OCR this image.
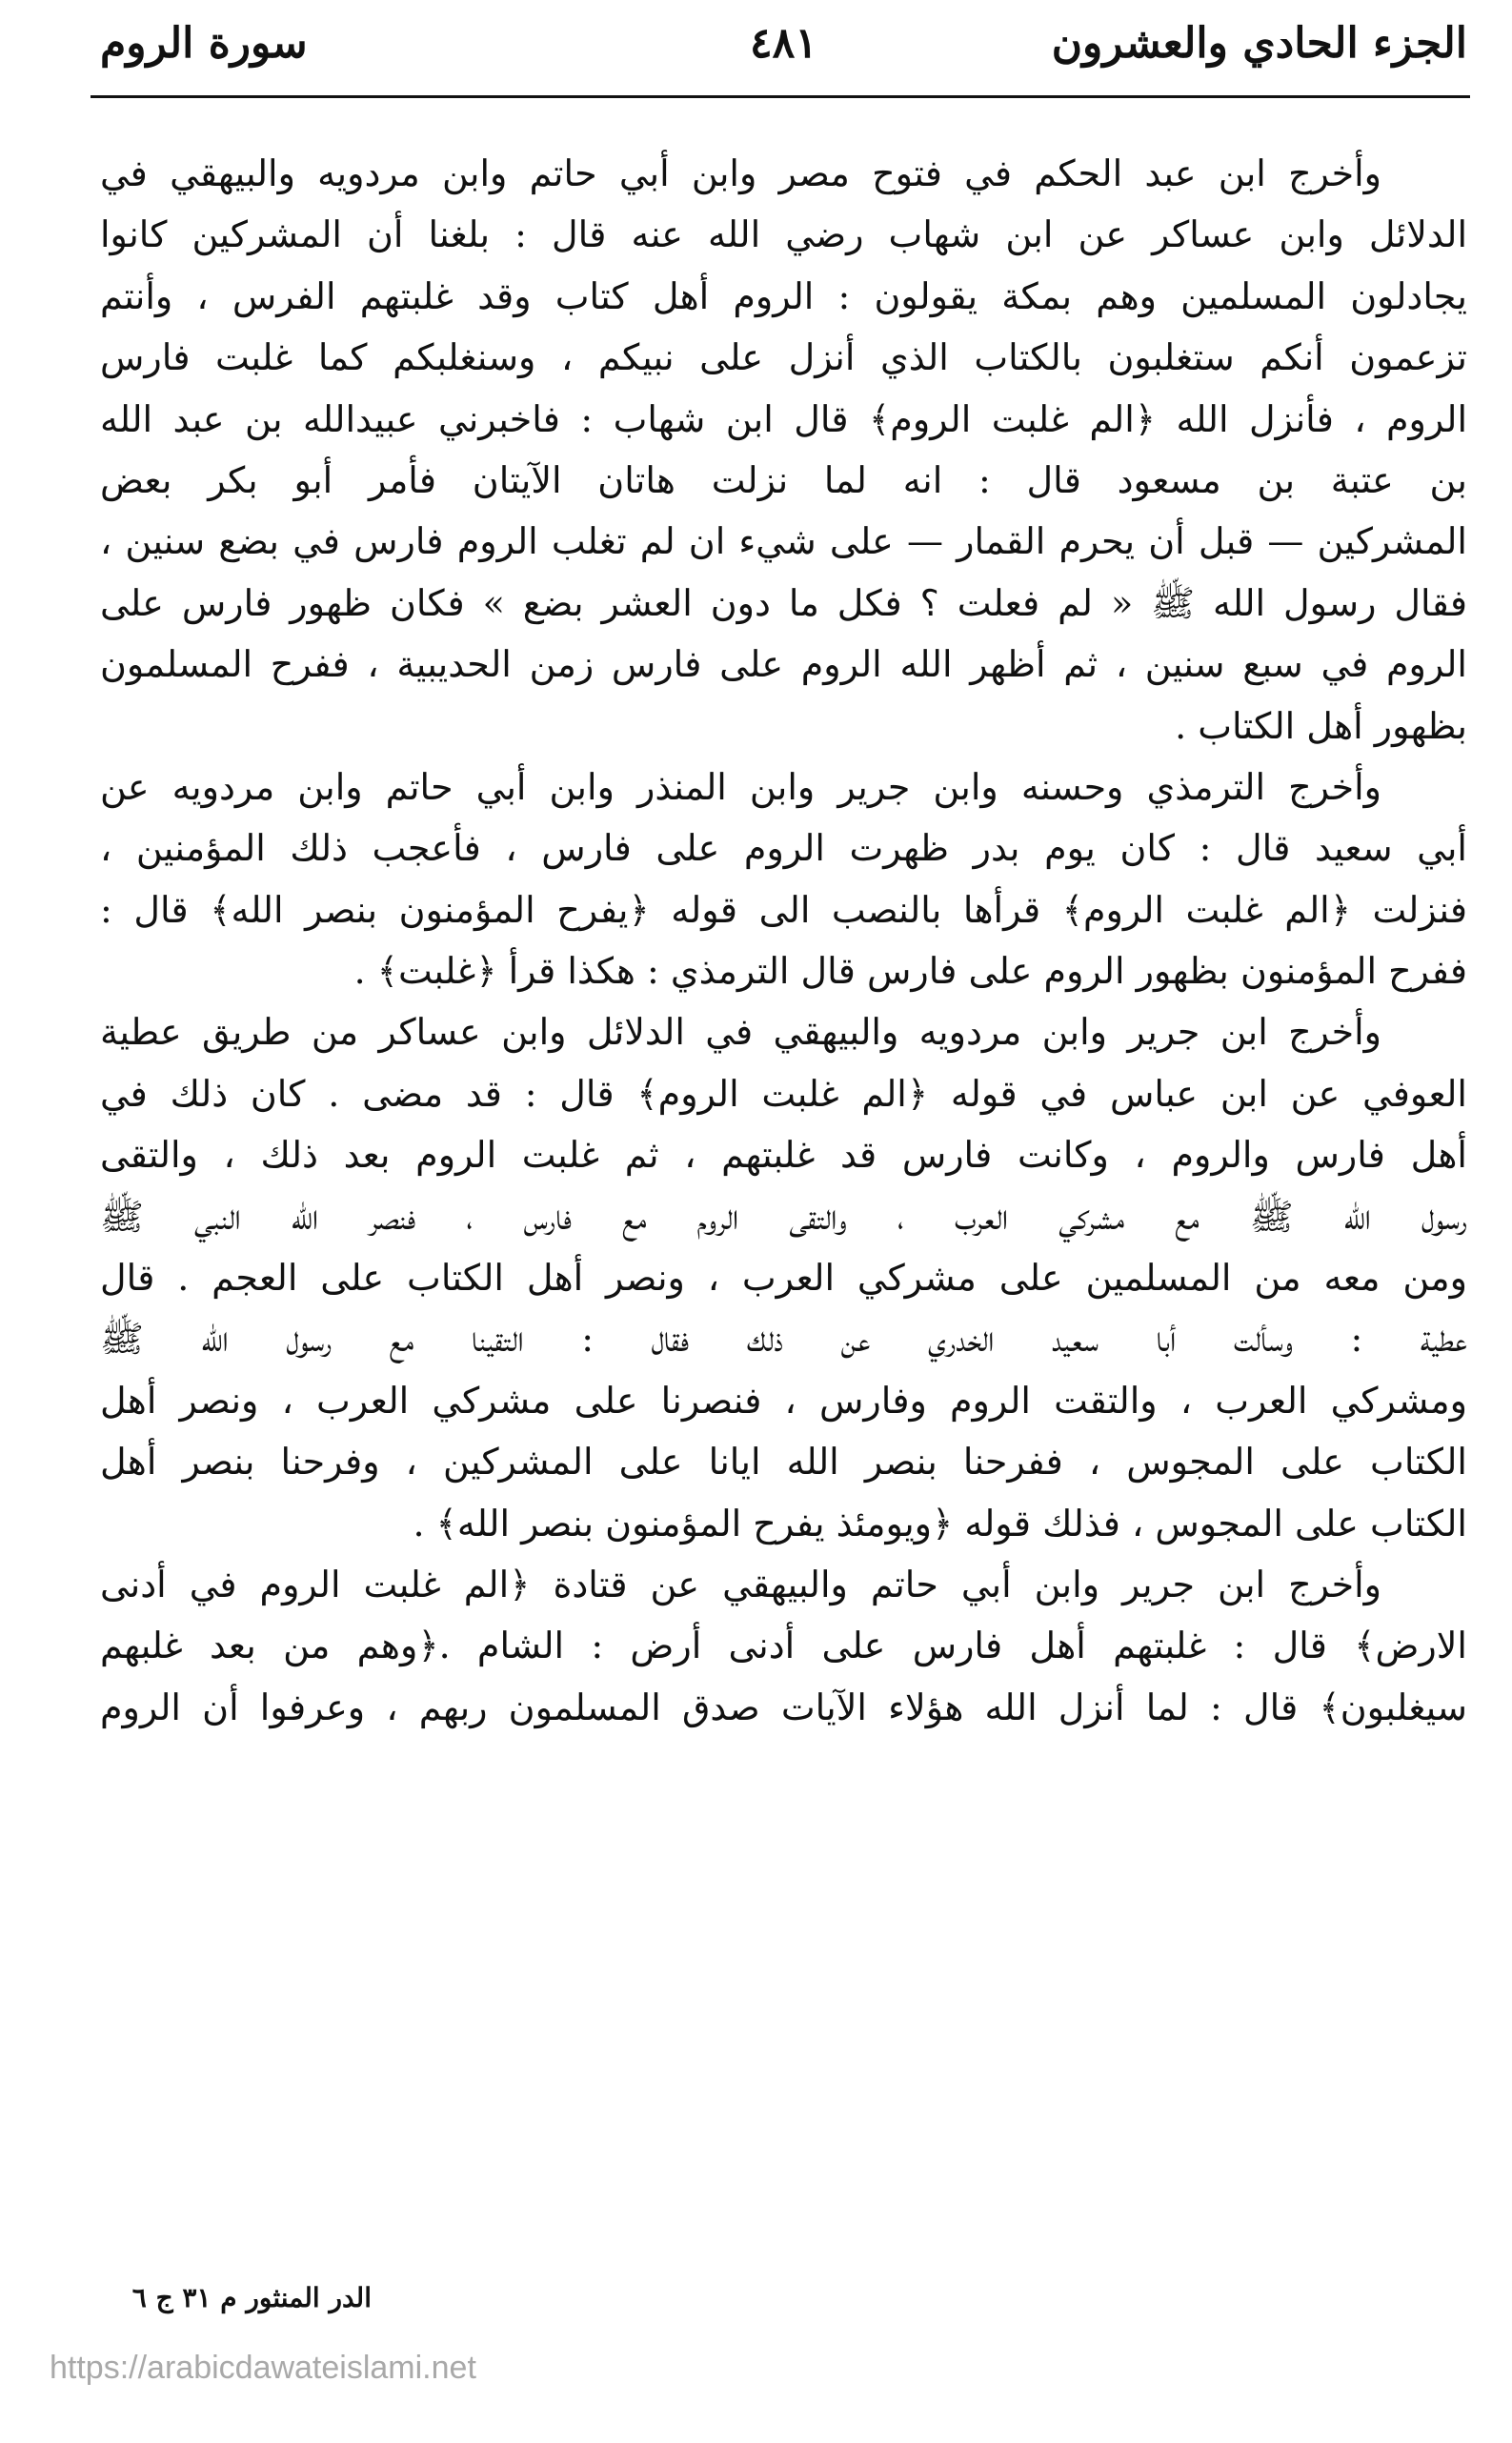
الجزء الحادي والعشرون
٤٨١
سورة الروم
وأخرج ابن عبد الحكم في فتوح مصر وابن أبي حاتم وابن مردويه والبيهقي في
الدلائل وابن عساكر عن ابن شهاب رضي الله عنه قال : بلغنا أن المشركين كانوا
يجادلون المسلمين وهم بمكة يقولون : الروم أهل كتاب وقد غلبتهم الفرس ، وأنتم
تزعمون أنكم ستغلبون بالكتاب الذي أنزل على نبيكم ، وسنغلبكم كما غلبت فارس
الروم ، فأنزل الله ﴿الم غلبت الروم﴾ قال ابن شهاب : فاخبرني عبيدالله بن عبد الله
بن عتبة بن مسعود قال : انه لما نزلت هاتان الآيتان فأمر أبو بكر بعض
المشركين — قبل أن يحرم القمار — على شيء ان لم تغلب الروم فارس في بضع سنين ،
فقال رسول الله ﷺ « لم فعلت ؟ فكل ما دون العشر بضع » فكان ظهور فارس على
الروم في سبع سنين ، ثم أظهر الله الروم على فارس زمن الحديبية ، ففرح المسلمون
بظهور أهل الكتاب .
وأخرج الترمذي وحسنه وابن جرير وابن المنذر وابن أبي حاتم وابن مردويه عن
أبي سعيد قال : كان يوم بدر ظهرت الروم على فارس ، فأعجب ذلك المؤمنين ،
فنزلت ﴿الم غلبت الروم﴾ قرأها بالنصب الى قوله ﴿يفرح المؤمنون بنصر الله﴾ قال :
ففرح المؤمنون بظهور الروم على فارس قال الترمذي : هكذا قرأ ﴿غلبت﴾ .
وأخرج ابن جرير وابن مردويه والبيهقي في الدلائل وابن عساكر من طريق عطية
العوفي عن ابن عباس في قوله ﴿الم غلبت الروم﴾ قال : قد مضى . كان ذلك في
أهل فارس والروم ، وكانت فارس قد غلبتهم ، ثم غلبت الروم بعد ذلك ، والتقى
رسول الله ﷺ مع مشركي العرب ، والتقى الروم مع فارس ، فنصر الله النبي ﷺ
ومن معه من المسلمين على مشركي العرب ، ونصر أهل الكتاب على العجم . قال
عطية : وسألت أبا سعيد الخدري عن ذلك فقال : التقينا مع رسول الله ﷺ
ومشركي العرب ، والتقت الروم وفارس ، فنصرنا على مشركي العرب ، ونصر أهل
الكتاب على المجوس ، ففرحنا بنصر الله ايانا على المشركين ، وفرحنا بنصر أهل
الكتاب على المجوس ، فذلك قوله ﴿ويومئذ يفرح المؤمنون بنصر الله﴾ .
وأخرج ابن جرير وابن أبي حاتم والبيهقي عن قتادة ﴿الم غلبت الروم في أدنى
الارض﴾ قال : غلبتهم أهل فارس على أدنى أرض : الشام .﴿وهم من بعد غلبهم
سيغلبون﴾ قال : لما أنزل الله هؤلاء الآيات صدق المسلمون ربهم ، وعرفوا أن الروم
الدر المنثور م ٣١ ج ٦
https://arabicdawateislami.net
